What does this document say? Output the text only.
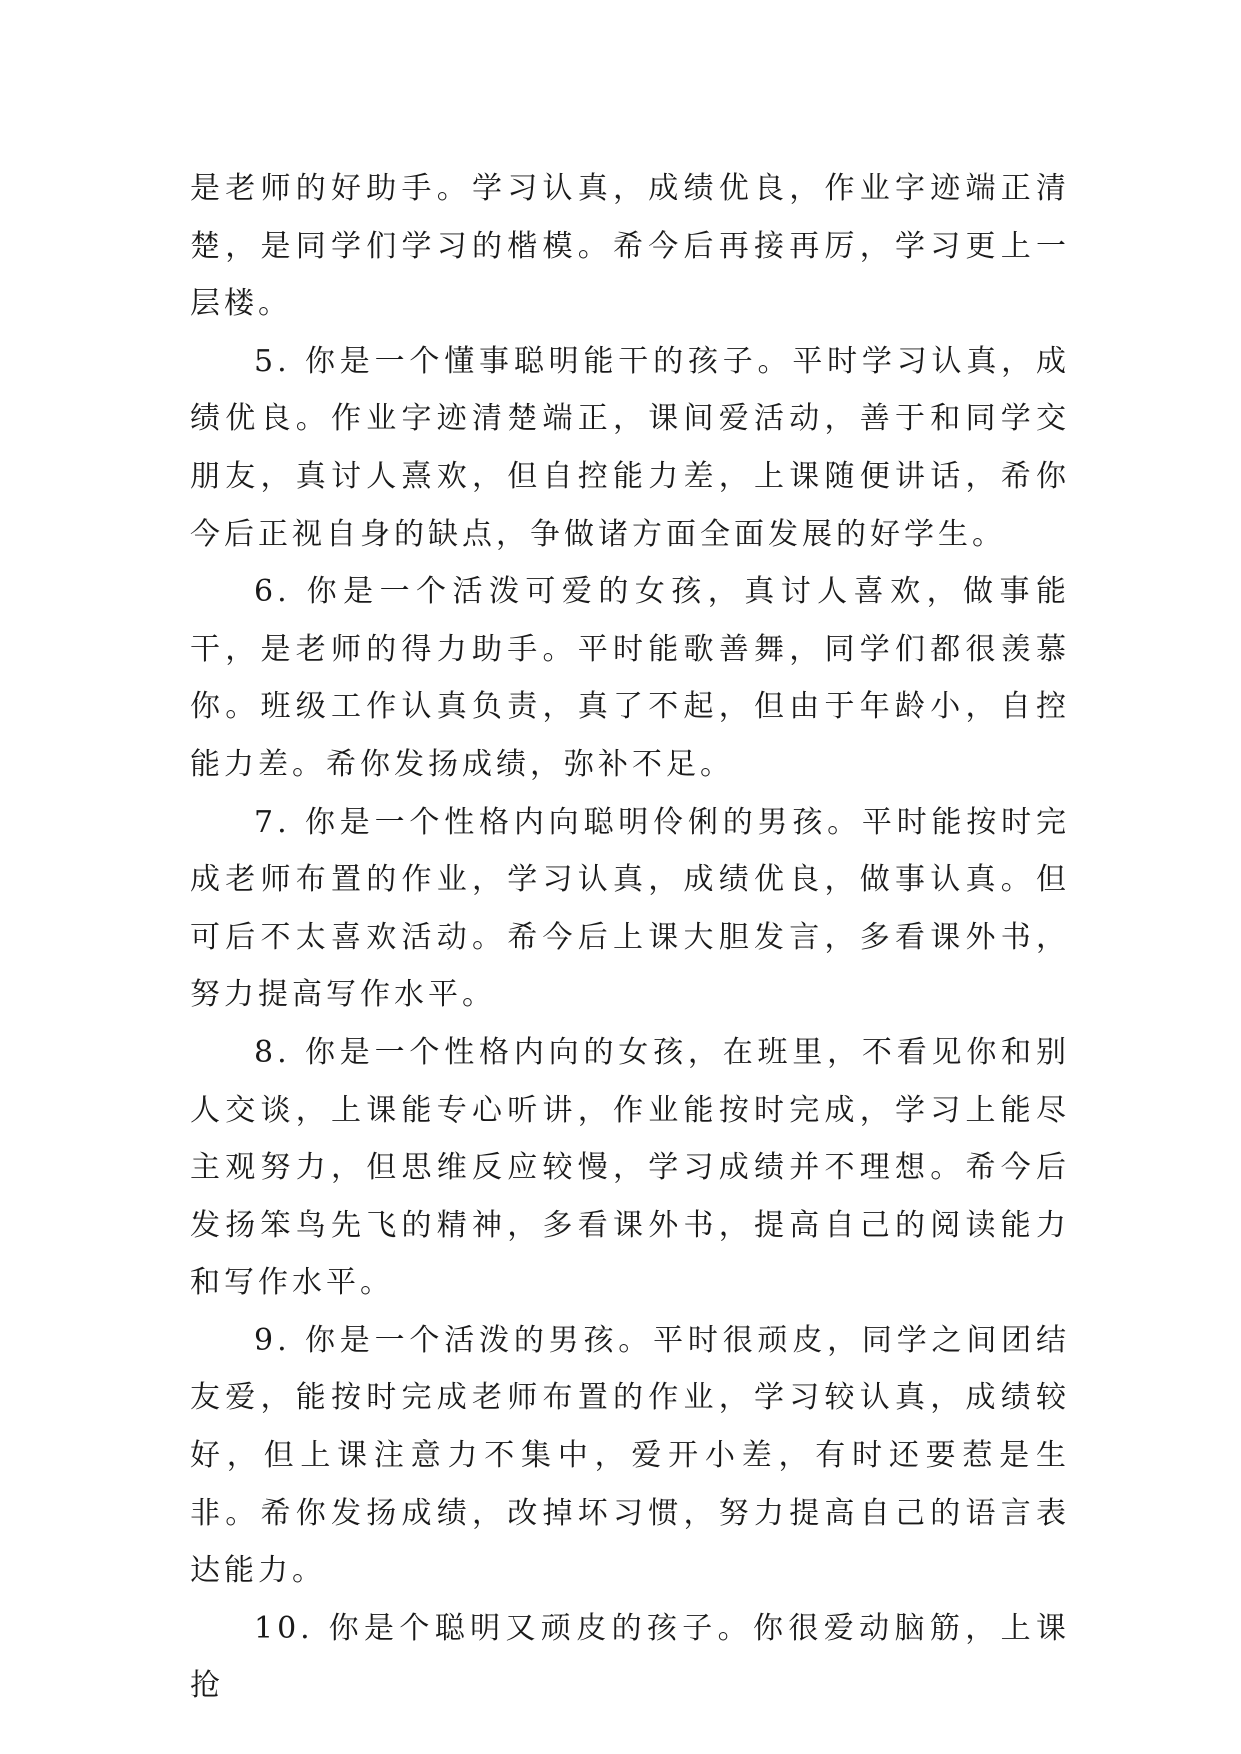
是老师的好助手。学习认真，成绩优良，作业字迹端正清楚，是同学们学习的楷模。希今后再接再厉，学习更上一层楼。

5. 你是一个懂事聪明能干的孩子。平时学习认真，成绩优良。作业字迹清楚端正，课间爱活动，善于和同学交朋友，真讨人熹欢，但自控能力差，上课随便讲话，希你今后正视自身的缺点，争做诸方面全面发展的好学生。

6. 你是一个活泼可爱的女孩，真讨人喜欢，做事能干，是老师的得力助手。平时能歌善舞，同学们都很羡慕你。班级工作认真负责，真了不起，但由于年龄小，自控能力差。希你发扬成绩，弥补不足。

7. 你是一个性格内向聪明伶俐的男孩。平时能按时完成老师布置的作业，学习认真，成绩优良，做事认真。但可后不太喜欢活动。希今后上课大胆发言，多看课外书，努力提高写作水平。

8. 你是一个性格内向的女孩，在班里，不看见你和别人交谈，上课能专心听讲，作业能按时完成，学习上能尽主观努力，但思维反应较慢，学习成绩并不理想。希今后发扬笨鸟先飞的精神，多看课外书，提高自己的阅读能力和写作水平。

9. 你是一个活泼的男孩。平时很顽皮，同学之间团结友爱，能按时完成老师布置的作业，学习较认真，成绩较好，但上课注意力不集中，爱开小差，有时还要惹是生非。希你发扬成绩，改掉坏习惯，努力提高自己的语言表达能力。

10. 你是个聪明又顽皮的孩子。你很爱动脑筋，上课抢
